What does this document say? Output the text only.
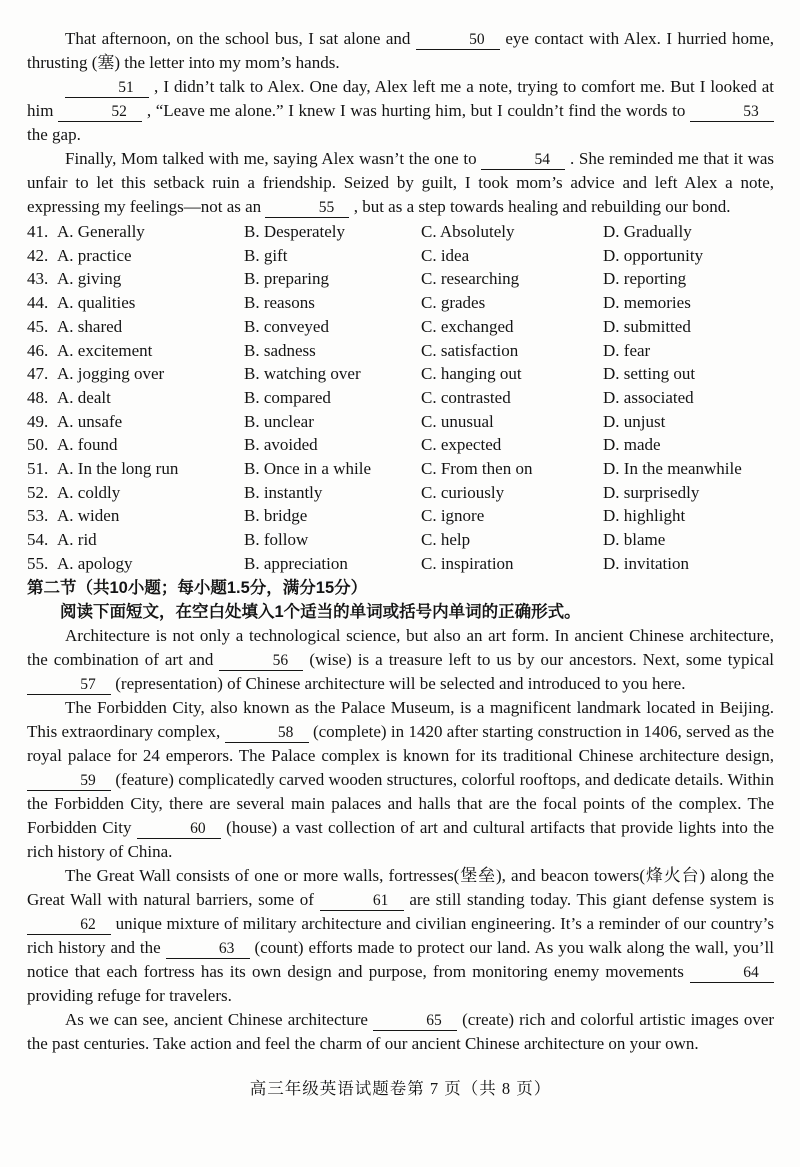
That afternoon, on the school bus, I sat alone and	50 eye contact with Alex. I hurried home, thrusting (塞) the letter into my mom’s hands.

51 , I didn’t talk to Alex. One day, Alex left me a note, trying to comfort me. But I looked at him	52 , “Leave me alone.” I knew I was hurting him, but I couldn’t find the words to	53 the gap.

Finally, Mom talked with me, saying Alex wasn’t the one to	54 . She reminded me that it was unfair to let this setback ruin a friendship. Seized by guilt, I took mom’s advice and left Alex a note, expressing my feelings—not as an	55 , but as a step towards healing and rebuilding our bond.

41. A. Generally	B. Desperately	C. Absolutely	D. Gradually
42. A. practice	B. gift	C. idea	D. opportunity
43. A. giving	B. preparing	C. researching	D. reporting
44. A. qualities	B. reasons	C. grades	D. memories
45. A. shared	B. conveyed	C. exchanged	D. submitted
46. A. excitement	B. sadness	C. satisfaction	D. fear
47. A. jogging over	B. watching over	C. hanging out	D. setting out
48. A. dealt	B. compared	C. contrasted	D. associated
49. A. unsafe	B. unclear	C. unusual	D. unjust
50. A. found	B. avoided	C. expected	D. made
51. A. In the long run	B. Once in a while	C. From then on	D. In the meanwhile
52. A. coldly	B. instantly	C. curiously	D. surprisedly
53. A. widen	B. bridge	C. ignore	D. highlight
54. A. rid	B. follow	C. help	D. blame
55. A. apology	B. appreciation	C. inspiration	D. invitation

第二节（共10小题；每小题1.5分，满分15分）

阅读下面短文，在空白处填入1个适当的单词或括号内单词的正确形式。

Architecture is not only a technological science, but also an art form. In ancient Chinese architecture, the combination of art and	56 (wise) is a treasure left to us by our ancestors. Next, some typical 57 (representation) of Chinese architecture will be selected and introduced to you here.

The Forbidden City, also known as the Palace Museum, is a magnificent landmark located in Beijing. This extraordinary complex,	58 (complete) in 1420 after starting construction in 1406, served as the royal palace for 24 emperors. The Palace complex is known for its traditional Chinese architecture design, 59 (feature) complicatedly carved wooden structures, colorful rooftops, and dedicate details. Within the Forbidden City, there are several main palaces and halls that are the focal points of the complex. The Forbidden City	60 (house) a vast collection of art and cultural artifacts that provide lights into the rich history of China.

The Great Wall consists of one or more walls, fortresses(堡垒), and beacon towers(烽火台) along the Great Wall with natural barriers, some of	61 are still standing today. This giant defense system is 62 unique mixture of military architecture and civilian engineering. It’s a reminder of our country’s rich history and the	63 (count) efforts made to protect our land. As you walk along the wall, you’ll notice that each fortress has its own design and purpose, from monitoring enemy movements	64 providing refuge for travelers.

As we can see, ancient Chinese architecture	65 (create) rich and colorful artistic images over the past centuries. Take action and feel the charm of our ancient Chinese architecture on your own.

高三年级英语试题卷第 7 页（共 8 页）
